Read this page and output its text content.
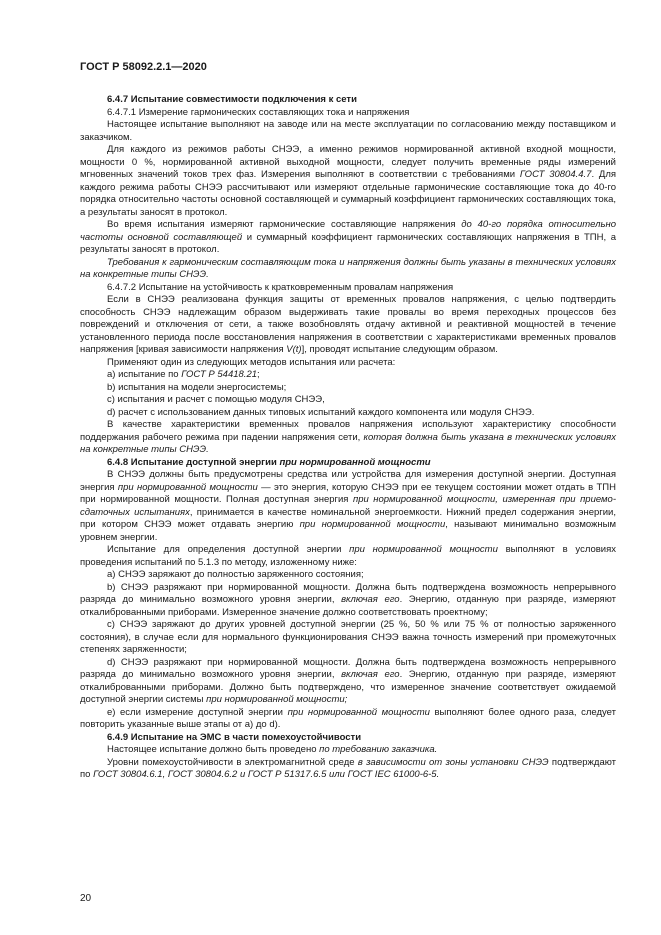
ГОСТ Р 58092.2.1—2020

6.4.7 Испытание совместимости подключения к сети

6.4.7.1 Измерение гармонических составляющих тока и напряжения

Настоящее испытание выполняют на заводе или на месте эксплуатации по согласованию между поставщиком и заказчиком.

Для каждого из режимов работы СНЭЭ, а именно режимов нормированной активной входной мощности, мощности 0 %, нормированной активной выходной мощности, следует получить временные ряды измерений мгновенных значений токов трех фаз. Измерения выполняют в соответствии с требованиями ГОСТ 30804.4.7. Для каждого режима работы СНЭЭ рассчитывают или измеряют отдельные гармонические составляющие тока до 40-го порядка относительно частоты основной составляющей и суммарный коэффициент гармонических составляющих тока, а результаты заносят в протокол.

Во время испытания измеряют гармонические составляющие напряжения до 40-го порядка относительно частоты основной составляющей и суммарный коэффициент гармонических составляющих напряжения в ТПН, а результаты заносят в протокол.

Требования к гармоническим составляющим тока и напряжения должны быть указаны в технических условиях на конкретные типы СНЭЭ.

6.4.7.2 Испытание на устойчивость к кратковременным провалам напряжения

Если в СНЭЭ реализована функция защиты от временных провалов напряжения, с целью подтвердить способность СНЭЭ надлежащим образом выдерживать такие провалы во время переходных процессов без повреждений и отключения от сети, а также возобновлять отдачу активной и реактивной мощностей в течение установленного периода после восстановления напряжения в соответствии с характеристиками временных провалов напряжения [кривая зависимости напряжения V(t)], проводят испытание следующим образом.

Применяют один из следующих методов испытания или расчета:

а) испытание по ГОСТ Р 54418.21;

b) испытания на модели энергосистемы;

c) испытания и расчет с помощью модуля СНЭЭ,

d) расчет с использованием данных типовых испытаний каждого компонента или модуля СНЭЭ.

В качестве характеристики временных провалов напряжения используют характеристику способности поддержания рабочего режима при падении напряжения сети, которая должна быть указана в технических условиях на конкретные типы СНЭЭ.

6.4.8 Испытание доступной энергии при нормированной мощности

В СНЭЭ должны быть предусмотрены средства или устройства для измерения доступной энергии. Доступная энергия при нормированной мощности — это энергия, которую СНЭЭ при ее текущем состоянии может отдать в ТПН при нормированной мощности. Полная доступная энергия при нормированной мощности, измеренная при приемо-сдаточных испытаниях, принимается в качестве номинальной энергоемкости. Нижний предел содержания энергии, при котором СНЭЭ может отдавать энергию при нормированной мощности, называют минимально возможным уровнем энергии.

Испытание для определения доступной энергии при нормированной мощности выполняют в условиях проведения испытаний по 5.1.3 по методу, изложенному ниже:

а) СНЭЭ заряжают до полностью заряженного состояния;

b) СНЭЭ разряжают при нормированной мощности. Должна быть подтверждена возможность непрерывного разряда до минимально возможного уровня энергии, включая его. Энергию, отданную при разряде, измеряют откалиброванными приборами. Измеренное значение должно соответствовать проектному;

c) СНЭЭ заряжают до других уровней доступной энергии (25 %, 50 % или 75 % от полностью заряженного состояния), в случае если для нормального функционирования СНЭЭ важна точность измерений при промежуточных степенях заряженности;

d) СНЭЭ разряжают при нормированной мощности. Должна быть подтверждена возможность непрерывного разряда до минимально возможного уровня энергии, включая его. Энергию, отданную при разряде, измеряют откалиброванными приборами. Должно быть подтверждено, что измеренное значение соответствует ожидаемой доступной энергии системы при нормированной мощности;

e) если измерение доступной энергии при нормированной мощности выполняют более одного раза, следует повторить указанные выше этапы от а) до d).

6.4.9 Испытание на ЭМС в части помехоустойчивости

Настоящее испытание должно быть проведено по требованию заказчика.

Уровни помехоустойчивости в электромагнитной среде в зависимости от зоны установки СНЭЭ подтверждают по ГОСТ 30804.6.1, ГОСТ 30804.6.2 и ГОСТ Р 51317.6.5 или ГОСТ IEC 61000-6-5.

20
